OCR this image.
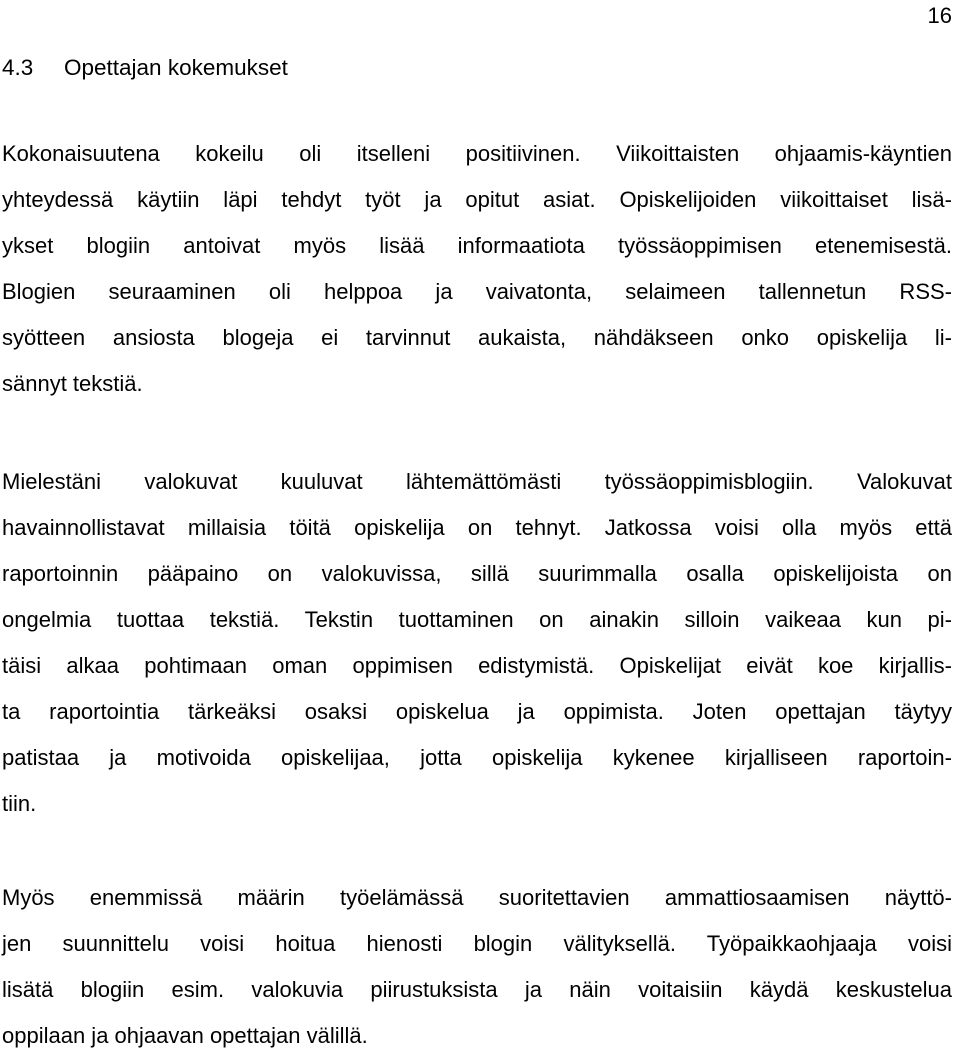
16
4.3 Opettajan kokemukset

Kokonaisuutena kokeilu oli itselleni positiivinen. Viikoittaisten ohjaamis-käyntien
yhteydessä käytiin läpi tehdyt työt ja opitut asiat. Opiskelijoiden viikoittaiset lisä-
ykset blogiin antoivat myös lisää informaatiota työssäoppimisen etenemisestä.
Blogien seuraaminen oli helppoa ja vaivatonta, selaimeen tallennetun RSS-
syötteen ansiosta blogeja ei tarvinnut aukaista, nähdäkseen onko opiskelija li-
sännyt tekstiä.

Mielestäni valokuvat kuuluvat lähtemättömästi työssäoppimisblogiin. Valokuvat
havainnollistavat millaisia töitä opiskelija on tehnyt. Jatkossa voisi olla myös että
raportoinnin pääpaino on valokuvissa, sillä suurimmalla osalla opiskelijoista on
ongelmia tuottaa tekstiä. Tekstin tuottaminen on ainakin silloin vaikeaa kun pi-
täisi alkaa pohtimaan oman oppimisen edistymistä. Opiskelijat eivät koe kirjallis-
ta raportointia tärkeäksi osaksi opiskelua ja oppimista. Joten opettajan täytyy
patistaa ja motivoida opiskelijaa, jotta opiskelija kykenee kirjalliseen raportoin-
tiin.

Myös enemmissä määrin työelämässä suoritettavien ammattiosaamisen näyttö-
jen suunnittelu voisi hoitua hienosti blogin välityksellä. Työpaikkaohjaaja voisi
lisätä blogiin esim. valokuvia piirustuksista ja näin voitaisiin käydä keskustelua
oppilaan ja ohjaavan opettajan välillä.
